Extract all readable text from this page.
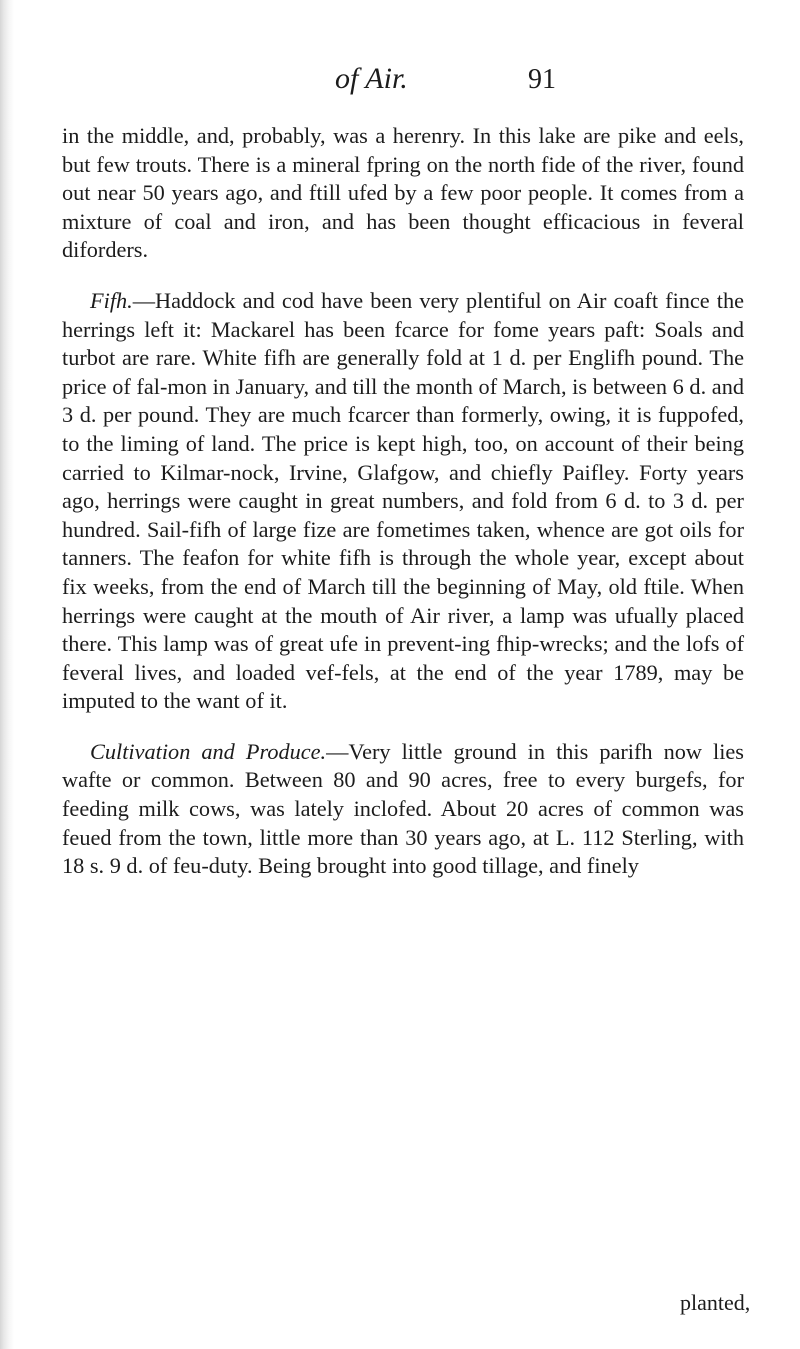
of Air.	91

in the middle, and, probably, was a herenry. In this lake are pike and eels, but few trouts. There is a mineral fpring on the north fide of the river, found out near 50 years ago, and ftill ufed by a few poor people. It comes from a mixture of coal and iron, and has been thought efficacious in feveral diforders.

Fifh.—Haddock and cod have been very plentiful on Air coaft fince the herrings left it: Mackarel has been fcarce for fome years paft: Soals and turbot are rare. White fifh are generally fold at 1 d. per Englifh pound. The price of fal-mon in January, and till the month of March, is between 6 d. and 3 d. per pound. They are much fcarcer than formerly, owing, it is fuppofed, to the liming of land. The price is kept high, too, on account of their being carried to Kilmar-nock, Irvine, Glafgow, and chiefly Paifley. Forty years ago, herrings were caught in great numbers, and fold from 6 d. to 3 d. per hundred. Sail-fifh of large fize are fometimes taken, whence are got oils for tanners. The feafon for white fifh is through the whole year, except about fix weeks, from the end of March till the beginning of May, old ftile. When herrings were caught at the mouth of Air river, a lamp was ufually placed there. This lamp was of great ufe in prevent-ing fhip-wrecks; and the lofs of feveral lives, and loaded vef-fels, at the end of the year 1789, may be imputed to the want of it.

Cultivation and Produce.—Very little ground in this parifh now lies wafte or common. Between 80 and 90 acres, free to every burgefs, for feeding milk cows, was lately inclofed. About 20 acres of common was feued from the town, little more than 30 years ago, at L. 112 Sterling, with 18 s. 9 d. of feu-duty. Being brought into good tillage, and finely

planted,
